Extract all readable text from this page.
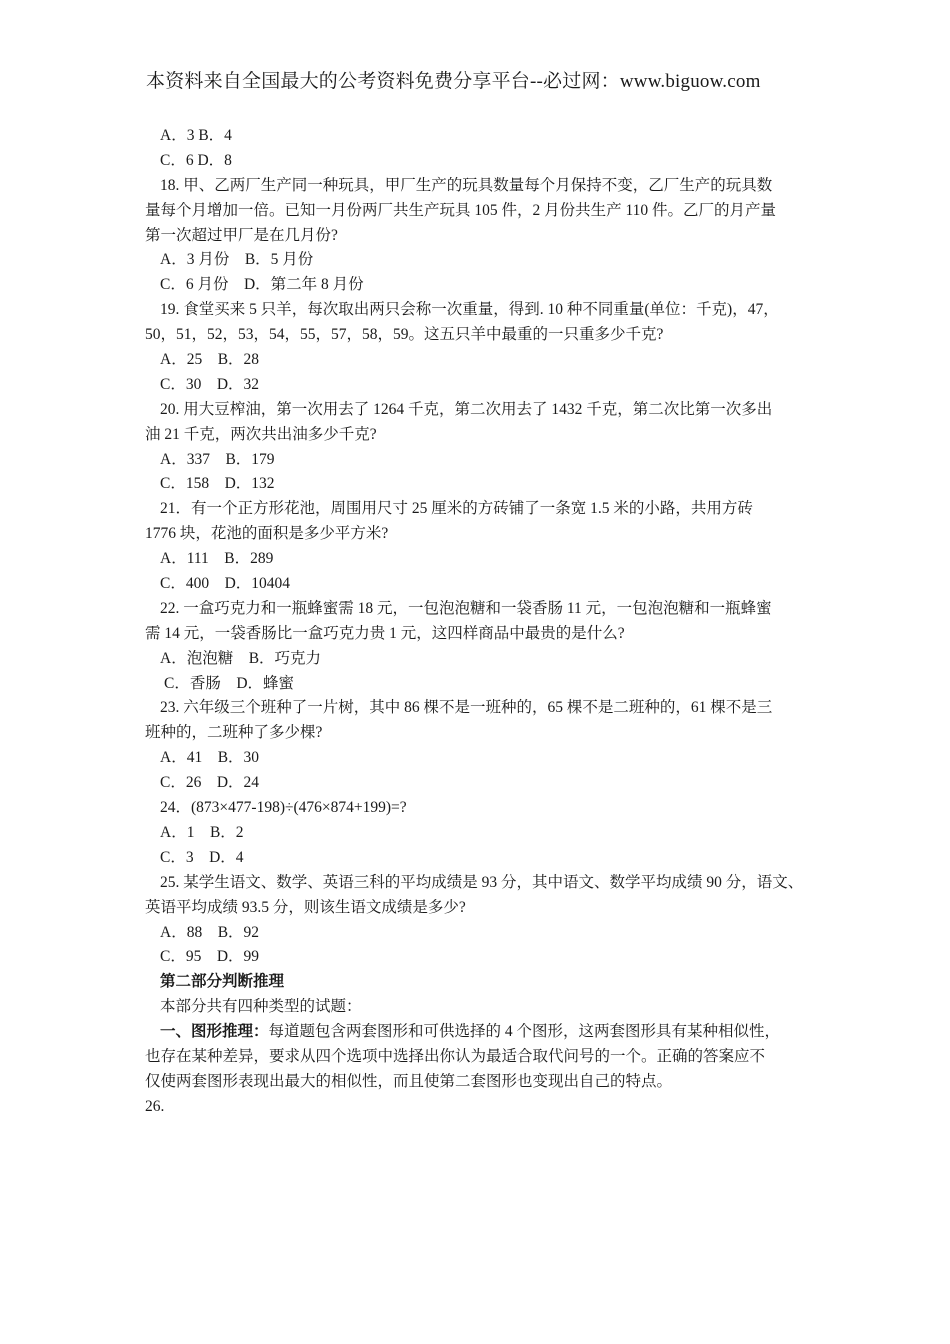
本资料来自全国最大的公考资料免费分享平台--必过网：www.biguow.com
A．3 B．4
C．6 D．8
18. 甲、乙两厂生产同一种玩具，甲厂生产的玩具数量每个月保持不变，乙厂生产的玩具数
量每个月增加一倍。已知一月份两厂共生产玩具 105 件，2 月份共生产 110 件。乙厂的月产量
第一次超过甲厂是在几月份?
A．3 月份　B．5 月份
C．6 月份　D．第二年 8 月份
19. 食堂买来 5 只羊，每次取出两只会称一次重量，得到. 10 种不同重量(单位：千克)，47，
50，51，52，53，54，55，57，58，59。这五只羊中最重的一只重多少千克?
A．25　B．28
C．30　D．32
20. 用大豆榨油，第一次用去了 1264 千克，第二次用去了 1432 千克，第二次比第一次多出
油 21 千克，两次共出油多少千克?
A．337　B．179
C．158　D．132
21．有一个正方形花池，周围用尺寸 25 厘米的方砖铺了一条宽 1.5 米的小路，共用方砖
1776 块，花池的面积是多少平方米?
A．111　B．289
C．400　D．10404
22. 一盒巧克力和一瓶蜂蜜需 18 元，一包泡泡糖和一袋香肠 11 元，一包泡泡糖和一瓶蜂蜜
需 14 元，一袋香肠比一盒巧克力贵 1 元，这四样商品中最贵的是什么?
A．泡泡糖　B．巧克力
C．香肠　D．蜂蜜
23. 六年级三个班种了一片树，其中 86 棵不是一班种的，65 棵不是二班种的，61 棵不是三
班种的，二班种了多少棵?
A．41　B．30
C．26　D．24
24．(873×477-198)÷(476×874+199)=?
A．1　B．2
C．3　D．4
25. 某学生语文、数学、英语三科的平均成绩是 93 分，其中语文、数学平均成绩 90 分，语文、
英语平均成绩 93.5 分，则该生语文成绩是多少?
A．88　B．92
C．95　D．99
第二部分判断推理
本部分共有四种类型的试题：
一、图形推理：每道题包含两套图形和可供选择的 4 个图形，这两套图形具有某种相似性，
也存在某种差异，要求从四个选项中选择出你认为最适合取代问号的一个。正确的答案应不
仅使两套图形表现出最大的相似性，而且使第二套图形也变现出自己的特点。
26.
